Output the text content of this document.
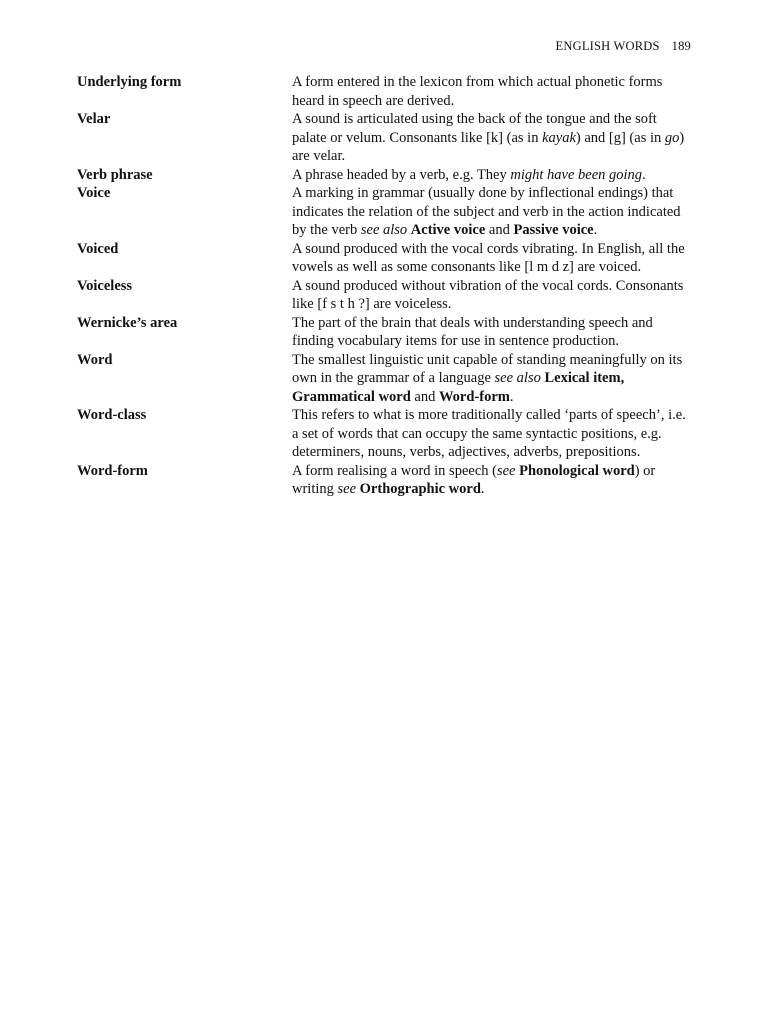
ENGLISH WORDS 189
Underlying form	A form entered in the lexicon from which actual phonetic forms heard in speech are derived.
Velar	A sound is articulated using the back of the tongue and the soft palate or velum. Consonants like [k] (as in kayak) and [g] (as in go) are velar.
Verb phrase	A phrase headed by a verb, e.g. They might have been going.
Voice	A marking in grammar (usually done by inflectional endings) that indicates the relation of the subject and verb in the action indicated by the verb see also Active voice and Passive voice.
Voiced	A sound produced with the vocal cords vibrating. In English, all the vowels as well as some consonants like [l m d z] are voiced.
Voiceless	A sound produced without vibration of the vocal cords. Consonants like [f s t h ?] are voiceless.
Wernicke’s area	The part of the brain that deals with understanding speech and finding vocabulary items for use in sentence production.
Word	The smallest linguistic unit capable of standing meaningfully on its own in the grammar of a language see also Lexical item, Grammatical word and Word-form.
Word-class	This refers to what is more traditionally called ‘parts of speech’, i.e. a set of words that can occupy the same syntactic positions, e.g. determiners, nouns, verbs, adjectives, adverbs, prepositions.
Word-form	A form realising a word in speech (see Phonological word) or writing see Orthographic word.
